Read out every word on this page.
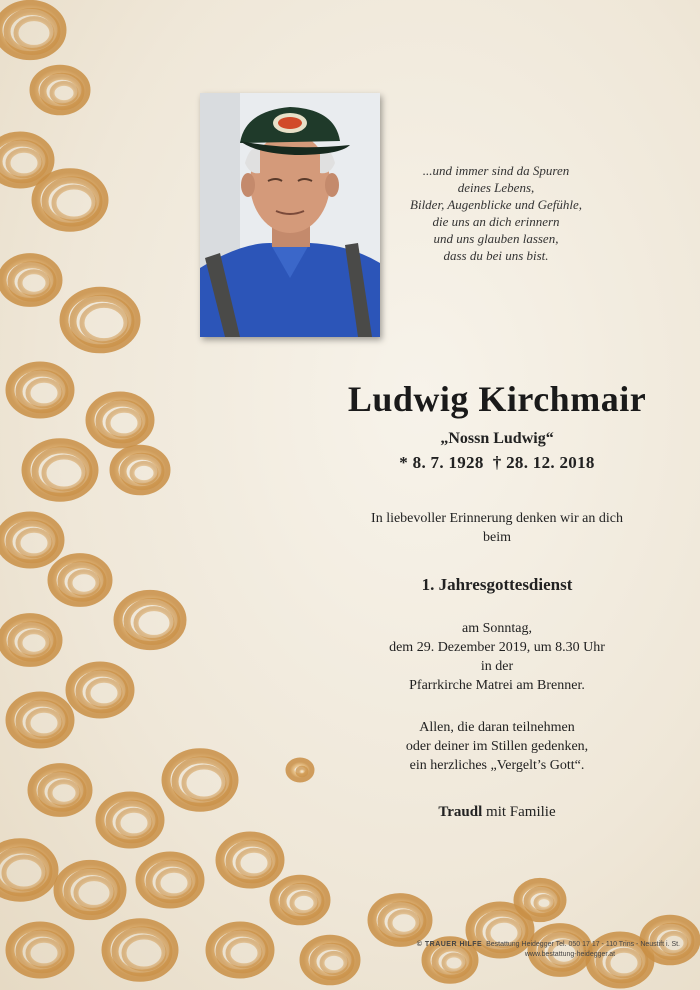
...und immer sind da Spuren
deines Lebens,
Bilder, Augenblicke und Gefühle,
die uns an dich erinnern
und uns glauben lassen,
dass du bei uns bist.
Ludwig Kirchmair
„Nossn Ludwig“
* 8. 7. 1928  † 28. 12. 2018
In liebevoller Erinnerung denken wir an dich
beim
1. Jahresgottesdienst
am Sonntag,
dem 29. Dezember 2019, um 8.30 Uhr
in der
Pfarrkirche Matrei am Brenner.
Allen, die daran teilnehmen
oder deiner im Stillen gedenken,
ein herzliches „Vergelt’s Gott“.
Traudl mit Familie
© TRAUER HILFE Bestattung Heidegger Tel. 050 17 17 - 110 Trins - Neustift i. St.
www.bestattung-heidegger.at
